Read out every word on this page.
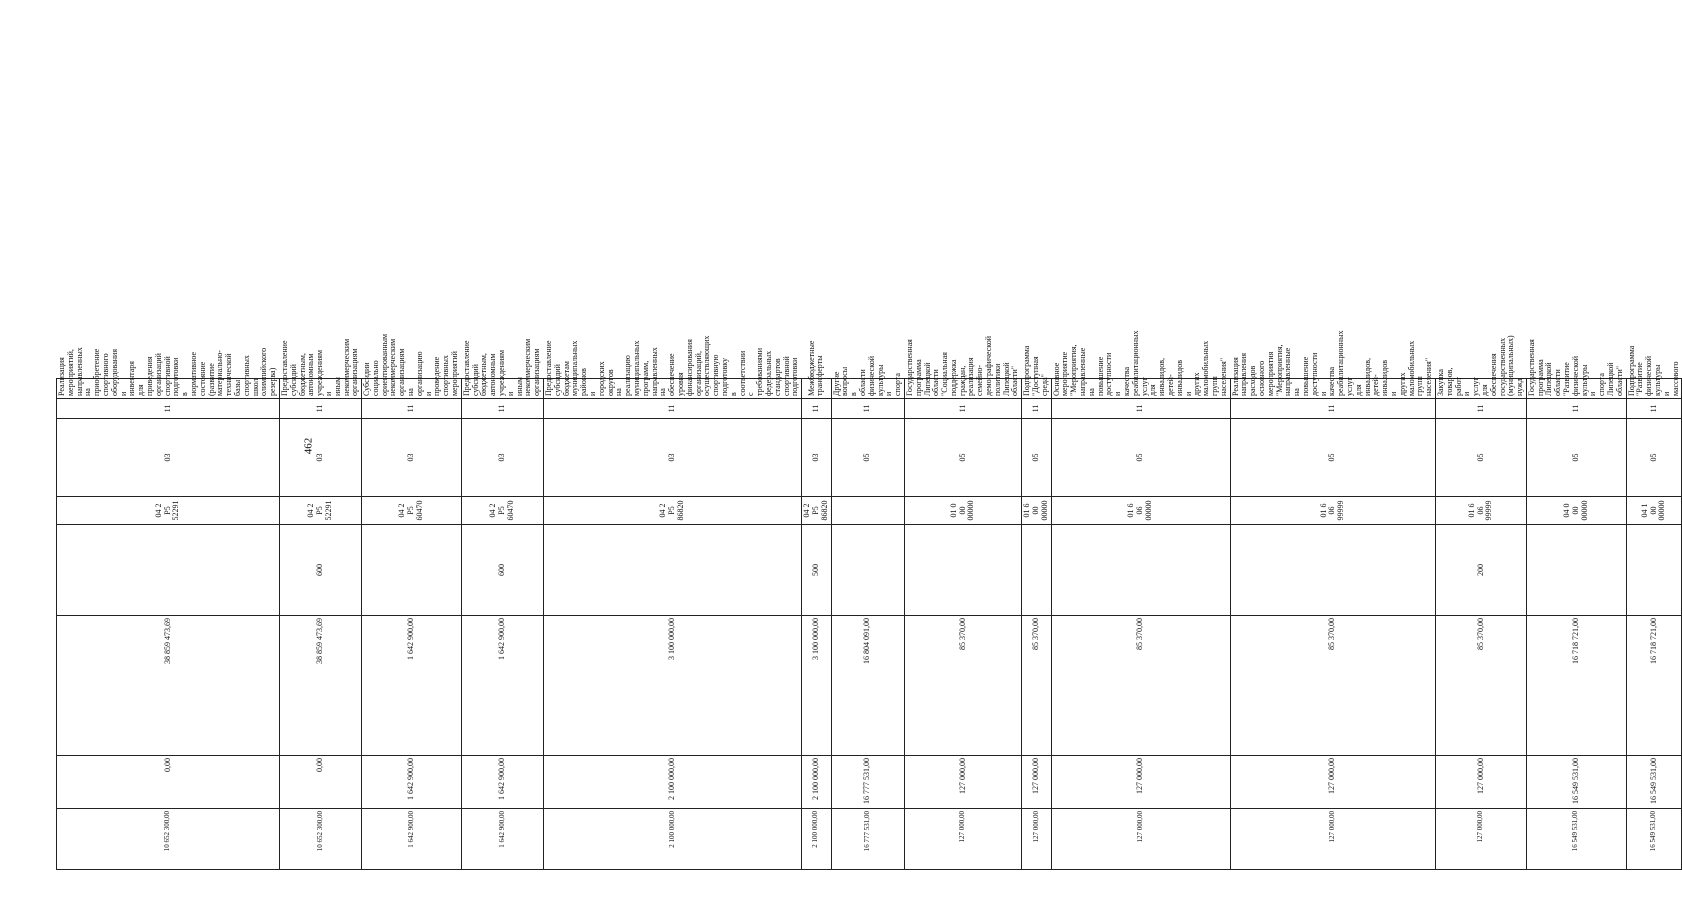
462
10 652 300,00	0,00	38 859 473,69		04 2 P5 52291	03	11	Реализация мероприятий, направленных на приобретение спортивного оборудования и инвентаря для приведения организаций спортивной подготовки в нормативное состояние (развитие материально-технической базы спортивных школ олимпийского резерва)
10 652 300,00	0,00	38 859 473,69	600	04 2 P5 52291	03	11	Предоставление субсидий бюджетным, автономным учреждениям и иным некоммерческим организациям
1 642 900,00	1 642 900,00	1 642 900,00		04 2 P5 60470	03	11	Субсидии социально ориентированным некоммерческим организациям на организацию и проведение спортивных мероприятий
1 642 900,00	1 642 900,00	1 642 900,00	600	04 2 P5 60470	03	11	Предоставление субсидий бюджетным, автономным учреждениям и иным некоммерческим организациям
2 100 000,00	2 100 000,00	3 100 000,00		04 2 P5 86820	03	11	Предоставление субсидий бюджетам муниципальных районов и городских округов на реализацию муниципальных программ, направленных на обеспечение уровня финансирования организаций, осуществляющих спортивную подготовку в соответствии с требованиями федеральных стандартов спортивной подготовки
2 100 000,00	2 100 000,00	3 100 000,00	500	04 2 P5 86820	03	11	Межбюджетные трансферты
16 777 531,00	16 777 531,00	16 804 091,00			05	11	Другие вопросы в области физической культуры и спорта
127 000,00	127 000,00	85 370,00		01 0 00 00000	05	11	Государственная программа Липецкой области "Социальная поддержка граждан, реализация семейно-демографической политики Липецкой области"
127 000,00	127 000,00	85 370,00		01 6 00 00000	05	11	Подпрограмма "Доступная среда"
127 000,00	127 000,00	85 370,00		01 6 06 00000	05	11	Основное мероприятие "Мероприятия, направленные на повышение доступности и качества реабилитационных услуг для инвалидов, детей-инвалидов и других маломобильных групп населения"
127 000,00	127 000,00	85 370,00		01 6 06 99999	05	11	Реализация направления расходов основного мероприятия "Мероприятия, направленные на повышение доступности и качества реабилитационных услуг для инвалидов, детей-инвалидов и других маломобильных групп населения"
127 000,00	127 000,00	85 370,00	200	01 6 06 99999	05	11	Закупка товаров, работ и услуг для обеспечения государственных (муниципальных) нужд
16 549 531,00	16 549 531,00	16 718 721,00		04 0 00 00000	05	11	Государственная программа Липецкой области "Развитие физической культуры и спорта Липецкой области"
16 549 531,00	16 549 531,00	16 718 721,00		04 1 00 00000	05	11	Подпрограмма "Развитие физической культуры и массового
